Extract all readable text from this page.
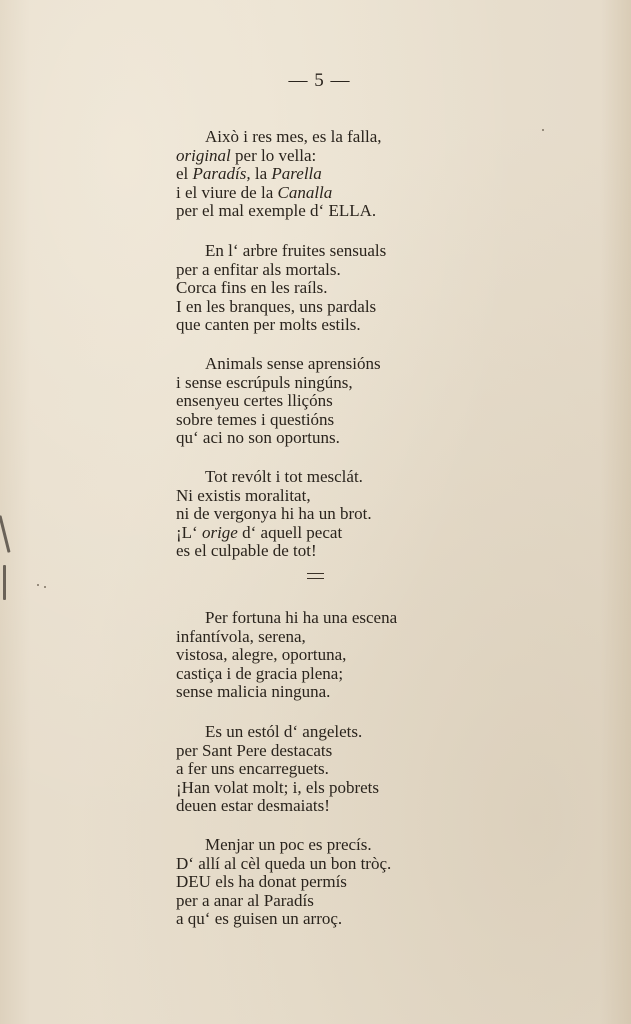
— 5 —
Això i res mes, es la falla,
original per lo vella:
el Paradís, la Parella
i el viure de la Canalla
per el mal exemple d‘ ELLA.
En l‘ arbre fruites sensuals
per a enfitar als mortals.
Corca fins en les raíls.
I en les branques, uns pardals
que canten per molts estils.
Animals sense aprensións
i sense escrúpuls ningúns,
ensenyeu certes lliçóns
sobre temes i questións
qu‘ aci no son oportuns.
Tot revólt i tot mesclát.
Ni existis moralitat,
ni de vergonya hi ha un brot.
¡L‘ orige d‘ aquell pecat
es el culpable de tot!
Per fortuna hi ha una escena
infantívola, serena,
vistosa, alegre, oportuna,
castiça i de gracia plena;
sense malicia ninguna.
Es un estól d‘ angelets.
per Sant Pere destacats
a fer uns encarreguets.
¡Han volat molt; i, els pobrets
deuen estar desmaiats!
Menjar un poc es precís.
D‘ allí al cèl queda un bon tròç.
DEU els ha donat permís
per a anar al Paradís
a qu‘ es guisen un arroç.
